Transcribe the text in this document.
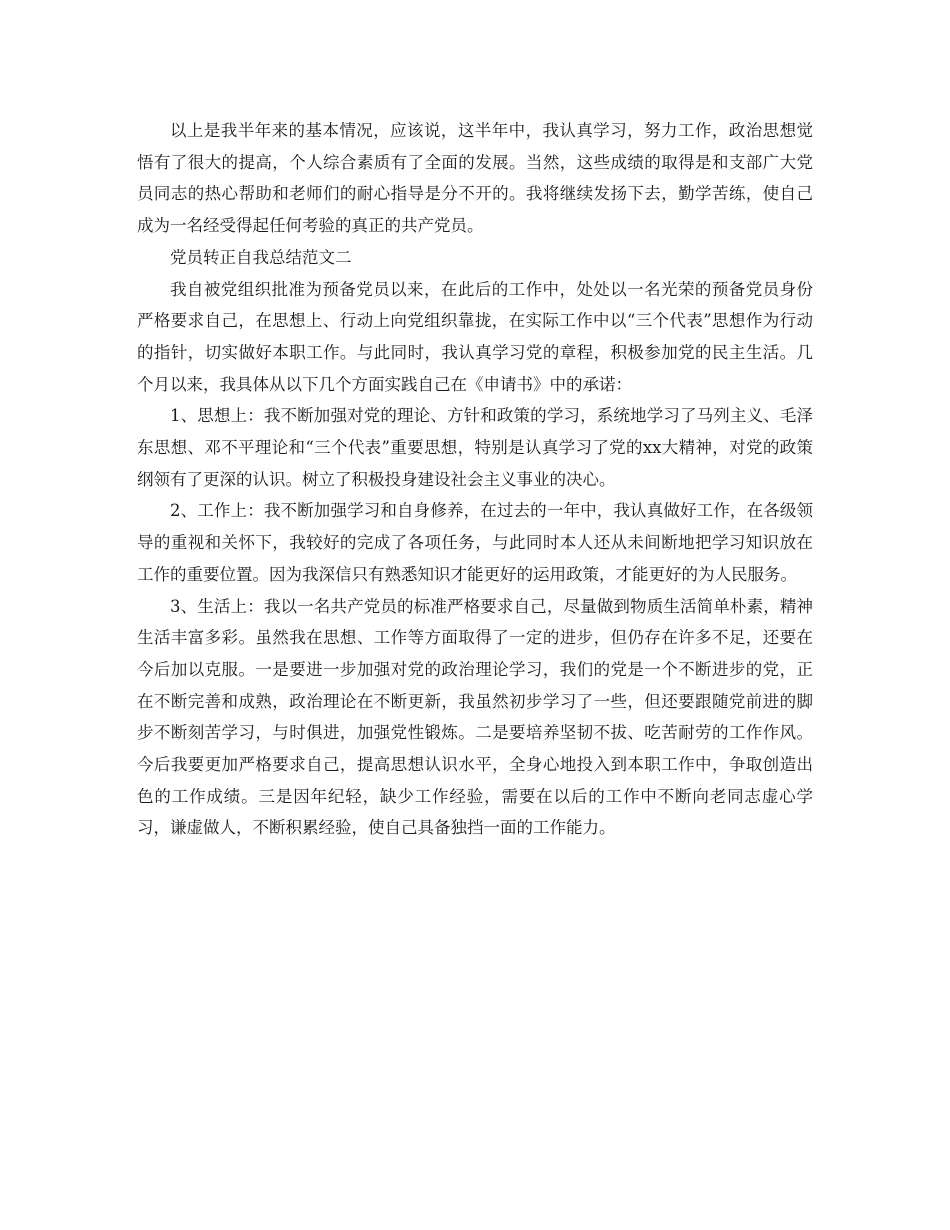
以上是我半年来的基本情况，应该说，这半年中，我认真学习，努力工作，政治思想觉悟有了很大的提高，个人综合素质有了全面的发展。当然，这些成绩的取得是和支部广大党员同志的热心帮助和老师们的耐心指导是分不开的。我将继续发扬下去，勤学苦练，使自己成为一名经受得起任何考验的真正的共产党员。

党员转正自我总结范文二

我自被党组织批准为预备党员以来，在此后的工作中，处处以一名光荣的预备党员身份严格要求自己，在思想上、行动上向党组织靠拢，在实际工作中以“三个代表”思想作为行动的指针，切实做好本职工作。与此同时，我认真学习党的章程，积极参加党的民主生活。几个月以来，我具体从以下几个方面实践自己在《申请书》中的承诺：

1、思想上：我不断加强对党的理论、方针和政策的学习，系统地学习了马列主义、毛泽东思想、邓不平理论和“三个代表”重要思想，特别是认真学习了党的xx大精神，对党的政策纲领有了更深的认识。树立了积极投身建设社会主义事业的决心。

2、工作上：我不断加强学习和自身修养，在过去的一年中，我认真做好工作，在各级领导的重视和关怀下，我较好的完成了各项任务，与此同时本人还从未间断地把学习知识放在工作的重要位置。因为我深信只有熟悉知识才能更好的运用政策，才能更好的为人民服务。

3、生活上：我以一名共产党员的标准严格要求自己，尽量做到物质生活简单朴素，精神生活丰富多彩。虽然我在思想、工作等方面取得了一定的进步，但仍存在许多不足，还要在今后加以克服。一是要进一步加强对党的政治理论学习，我们的党是一个不断进步的党，正在不断完善和成熟，政治理论在不断更新，我虽然初步学习了一些，但还要跟随党前进的脚步不断刻苦学习，与时俱进，加强党性锻炼。二是要培养坚韧不拔、吃苦耐劳的工作作风。今后我要更加严格要求自己，提高思想认识水平，全身心地投入到本职工作中，争取创造出色的工作成绩。三是因年纪轻，缺少工作经验，需要在以后的工作中不断向老同志虚心学习，谦虚做人，不断积累经验，使自己具备独挡一面的工作能力。
